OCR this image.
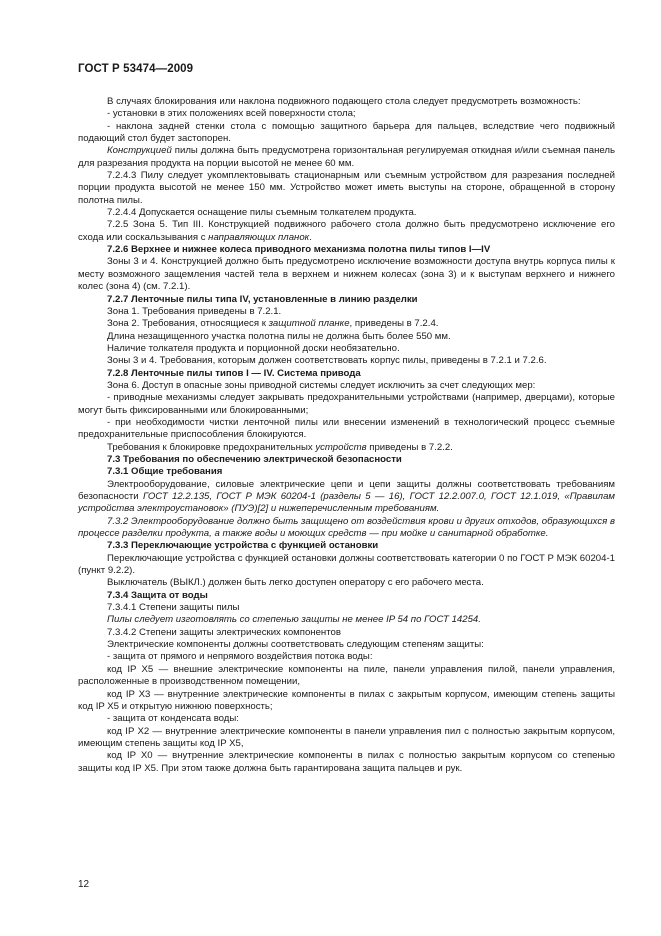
ГОСТ Р 53474—2009

В случаях блокирования или наклона подвижного подающего стола следует предусмотреть возможность:

- установки в этих положениях всей поверхности стола;

- наклона задней стенки стола с помощью защитного барьера для пальцев, вследствие чего подвижный подающий стол будет застопорен.

Конструкцией пилы должна быть предусмотрена горизонтальная регулируемая откидная и/или съемная панель для разрезания продукта на порции высотой не менее 60 мм.

7.2.4.3 Пилу следует укомплектовывать стационарным или съемным устройством для разрезания последней порции продукта высотой не менее 150 мм. Устройство может иметь выступы на стороне, обращенной в сторону полотна пилы.

7.2.4.4 Допускается оснащение пилы съемным толкателем продукта.

7.2.5 Зона 5. Тип III. Конструкцией подвижного рабочего стола должно быть предусмотрено исключение его схода или соскальзывания с направляющих планок.

7.2.6 Верхнее и нижнее колеса приводного механизма полотна пилы типов I—IV

Зоны 3 и 4. Конструкцией должно быть предусмотрено исключение возможности доступа внутрь корпуса пилы к месту возможного защемления частей тела в верхнем и нижнем колесах (зона 3) и к выступам верхнего и нижнего колес (зона 4) (см. 7.2.1).

7.2.7 Ленточные пилы типа IV, установленные в линию разделки

Зона 1. Требования приведены в 7.2.1.

Зона 2. Требования, относящиеся к защитной планке, приведены в 7.2.4.

Длина незащищенного участка полотна пилы не должна быть более 550 мм.

Наличие толкателя продукта и порционной доски необязательно.

Зоны 3 и 4. Требования, которым должен соответствовать корпус пилы, приведены в 7.2.1 и 7.2.6.

7.2.8 Ленточные пилы типов I — IV. Система привода

Зона 6. Доступ в опасные зоны приводной системы следует исключить за счет следующих мер:

- приводные механизмы следует закрывать предохранительными устройствами (например, дверцами), которые могут быть фиксированными или блокированными;

- при необходимости чистки ленточной пилы или внесении изменений в технологический процесс съемные предохранительные приспособления блокируются.

Требования к блокировке предохранительных устройств приведены в 7.2.2.

7.3 Требования по обеспечению электрической безопасности

7.3.1 Общие требования

Электрооборудование, силовые электрические цепи и цепи защиты должны соответствовать требованиям безопасности ГОСТ 12.2.135, ГОСТ Р МЭК 60204-1 (разделы 5 — 16), ГОСТ 12.2.007.0, ГОСТ 12.1.019, «Правилам устройства электроустановок» (ПУЭ)[2] и нижеперечисленным требованиям.

7.3.2 Электрооборудование должно быть защищено от воздействия крови и других отходов, образующихся в процессе разделки продукта, а также воды и моющих средств — при мойке и санитарной обработке.

7.3.3 Переключающие устройства с функцией остановки

Переключающие устройства с функцией остановки должны соответствовать категории 0 по ГОСТ Р МЭК 60204-1 (пункт 9.2.2).

Выключатель (ВЫКЛ.) должен быть легко доступен оператору с его рабочего места.

7.3.4 Защита от воды

7.3.4.1 Степени защиты пилы

Пилы следует изготовлять со степенью защиты не менее IP 54 по ГОСТ 14254.

7.3.4.2 Степени защиты электрических компонентов

Электрические компоненты должны соответствовать следующим степеням защиты:

- защита от прямого и непрямого воздействия потока воды:

код IP X5 — внешние электрические компоненты на пиле, панели управления пилой, панели управления, расположенные в производственном помещении,

код IP X3 — внутренние электрические компоненты в пилах с закрытым корпусом, имеющим степень защиты код IP X5 и открытую нижнюю поверхность;

- защита от конденсата воды:

код IP X2 — внутренние электрические компоненты в панели управления пил с полностью закрытым корпусом, имеющим степень защиты код IP X5,

код IP X0 — внутренние электрические компоненты в пилах с полностью закрытым корпусом со степенью защиты код IP X5. При этом также должна быть гарантирована защита пальцев и рук.

12
